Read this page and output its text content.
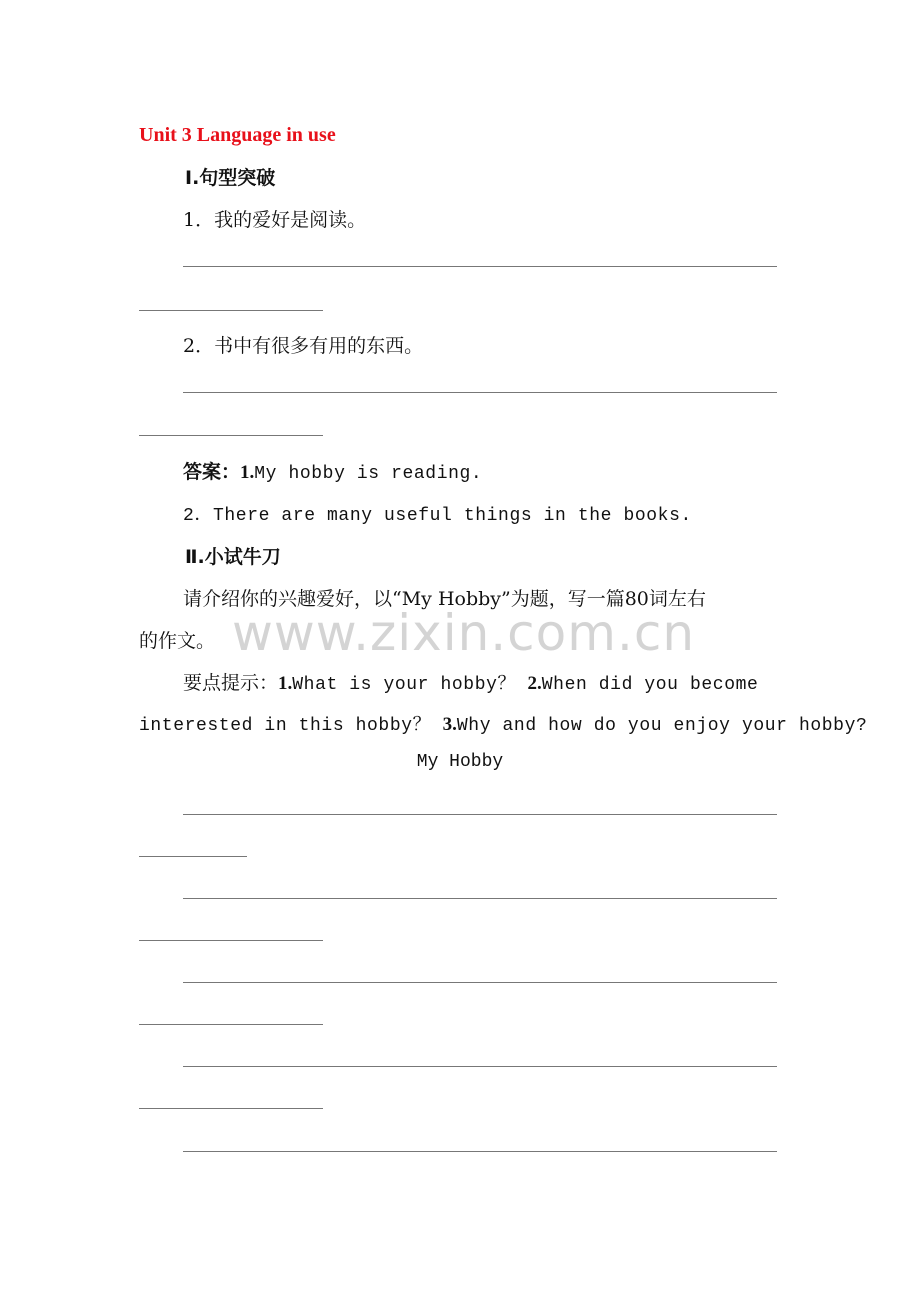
Unit 3 Language in use
Ⅰ.句型突破
1．我的爱好是阅读。
2．书中有很多有用的东西。
答案：1.My hobby is reading.
2．There are many useful things in the books.
Ⅱ.小试牛刀
请介绍你的兴趣爱好，以“My Hobby”为题，写一篇80词左右
的作文。 www.zixin.com.cn
要点提示：1.What is your hobby？ 2.When did you become
interested in this hobby？ 3.Why and how do you enjoy your hobby?
My Hobby
